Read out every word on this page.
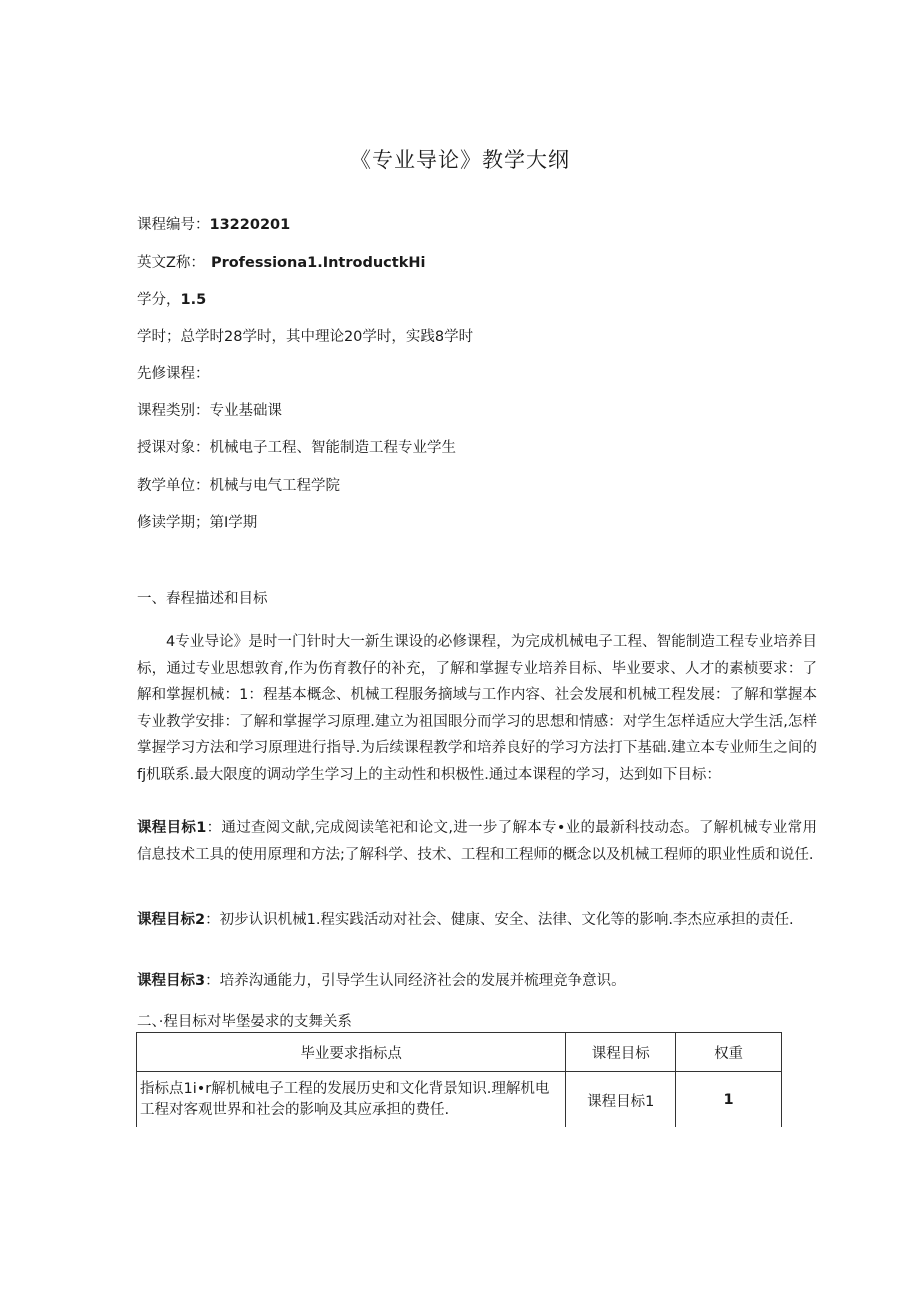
《专业导论》教学大纲
课程编号：13220201
英文Z称： Professiona1.IntroductkHi
学分，1.5
学时；总学时28学时，其中理论20学时，实践8学时
先修课程：
课程类别：专业基础课
授课对象：机械电子工程、智能制造工程专业学生
教学单位：机械与电气工程学院
修读学期；第I学期
一、舂程描述和目标
4专业导论》是时一门针时大一新生课设的必修课程，为完成机械电子工程、智能制造工程专业培养目标，通过专业思想敦育,作为伤育教仔的补充，了解和掌握专业培养目标、毕业要求、人才的素桢要求：了解和掌握机械：1：程基本概念、机械工程服务摘域与工作内容、社会发展和机械工程发展：了解和掌握本专业教学安排：了解和掌握学习原理.建立为祖国眼分而学习的思想和情感：对学生怎样适应大学生活,怎样掌握学习方法和学习原理进行指导.为后续课程教学和培养良好的学习方法打下基础.建立本专业师生之间的fj机联系.最大限度的调动学生学习上的主动性和枳极性.通过本课程的学习，达到如下目标：
课程目标1：通过查阅文献,完成阅读笔祀和论文,进一步了解本专•业的最新科技动态。了解机械专业常用信息技术工具的使用原理和方法;了解科学、技术、工程和工程师的概念以及机械工程师的职业性质和说任.
课程目标2：初步认识机械1.程实践活动对社会、健康、安全、法律、文化等的影响.李杰应承担的责任.
课程目标3：培养沟通能力，引导学生认同经济社会的发展并梳理竞争意识。
二、·程目标对毕堡晏求的支舞关系
毕业要求指标点	课程目标	权重
指标点1i•r解机械电子工程的发展历史和文化背景知识.理解机电工程对客观世界和社会的影响及其应承担的费任.	课程目标1	1
